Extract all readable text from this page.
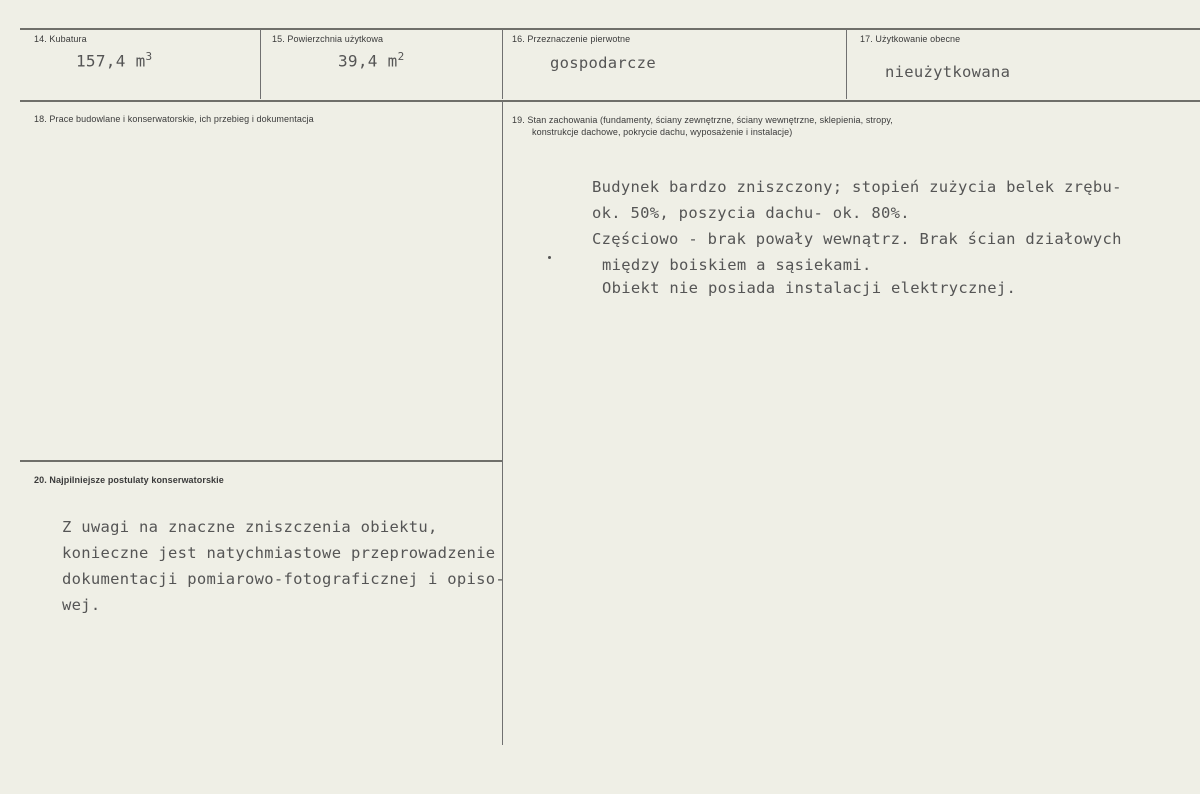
14. Kubatura
157,4 $m^3$
15. Powierzchnia użytkowa
39,4 $m^2$
16. Przeznaczenie pierwotne
gospodarcze
17. Użytkowanie obecne
nieużytkowana
18. Prace budowlane i konserwatorskie, ich przebieg i dokumentacja	19. Stan zachowania (fundamenty, ściany zewnętrzne, ściany wewnętrzne, sklepienia, stropy,
konstrukcje dachowe, pokrycie dachu, wyposażenie i instalacje)
Budynek bardzo zniszczony; stopień zużycia belek zrębu-
ok. 50%, poszycia dachu- ok. 80%.
Częściowo - brak powały wewnątrz. Brak ścian działowych
między boiskiem a sąsiekami.
Obiekt nie posiada instalacji elektrycznej.
20. Najpilniejsze postulaty konserwatorskie
Z uwagi na znaczne zniszczenia obiektu,
konieczne jest natychmiastowe przeprowadzenie
dokumentacji pomiarowo-fotograficznej i opiso-
wej.
